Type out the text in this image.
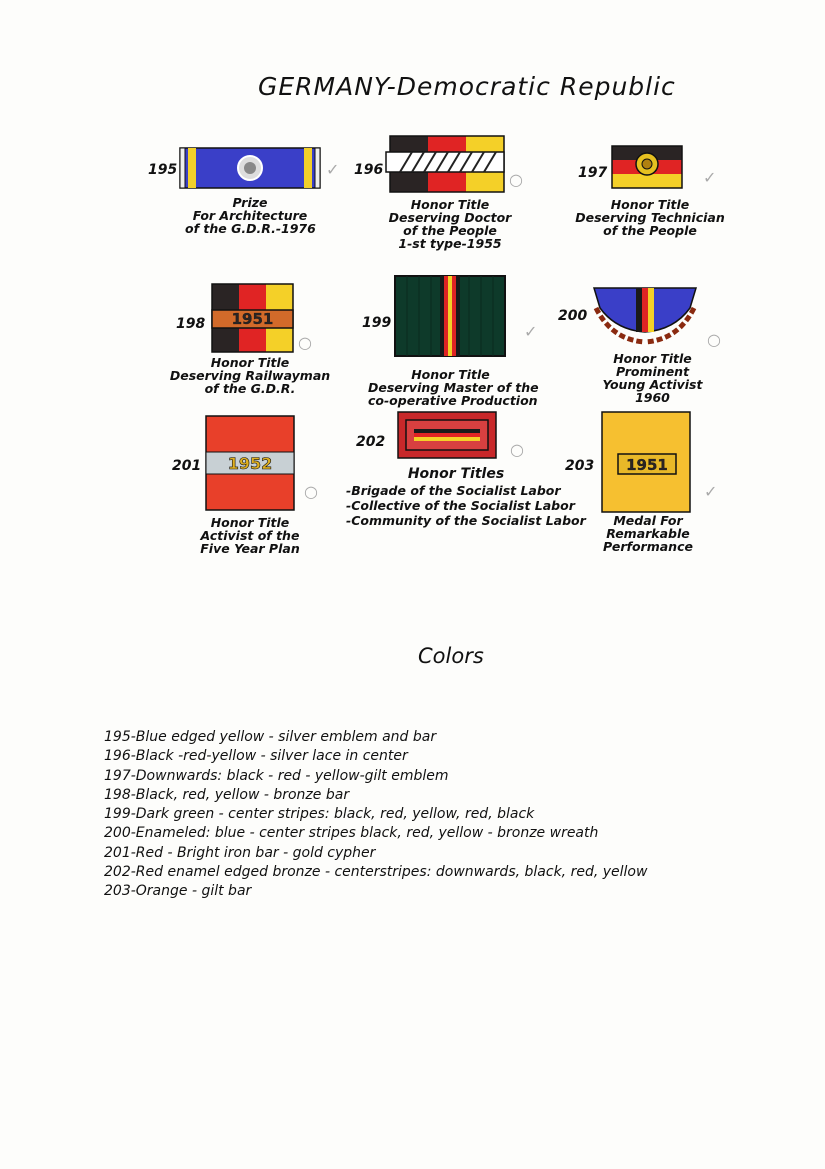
GERMANY-Democratic Republic
195	✓
Prize
For Architecture
of the G.D.R.-1976
196	○
Honor Title
Deserving Doctor
of the People
1-st type-1955
197	✓
Honor Title
Deserving Technician
of the People
198 1951
○
Honor Title
Deserving Railwayman
of the G.D.R.
199	✓
Honor Title
Deserving Master of the
co-operative Production
200
○
Honor Title
Prominent
Young Activist
1960
201 1952
○
Honor Title
Activist of the
Five Year Plan
202	○
Honor Titles
-Brigade of the Socialist Labor
-Collective of the Socialist Labor
-Community of the Socialist Labor
203 1951
✓
Medal For
Remarkable
Performance
Colors
195-Blue edged yellow - silver emblem and bar
196-Black -red-yellow - silver lace in center
197-Downwards: black - red - yellow-gilt emblem
198-Black, red, yellow - bronze bar
199-Dark green - center stripes: black, red, yellow, red, black
200-Enameled: blue - center stripes black, red, yellow - bronze wreath
201-Red - Bright iron bar - gold cypher
202-Red enamel edged bronze - centerstripes: downwards, black, red, yellow
203-Orange - gilt bar
